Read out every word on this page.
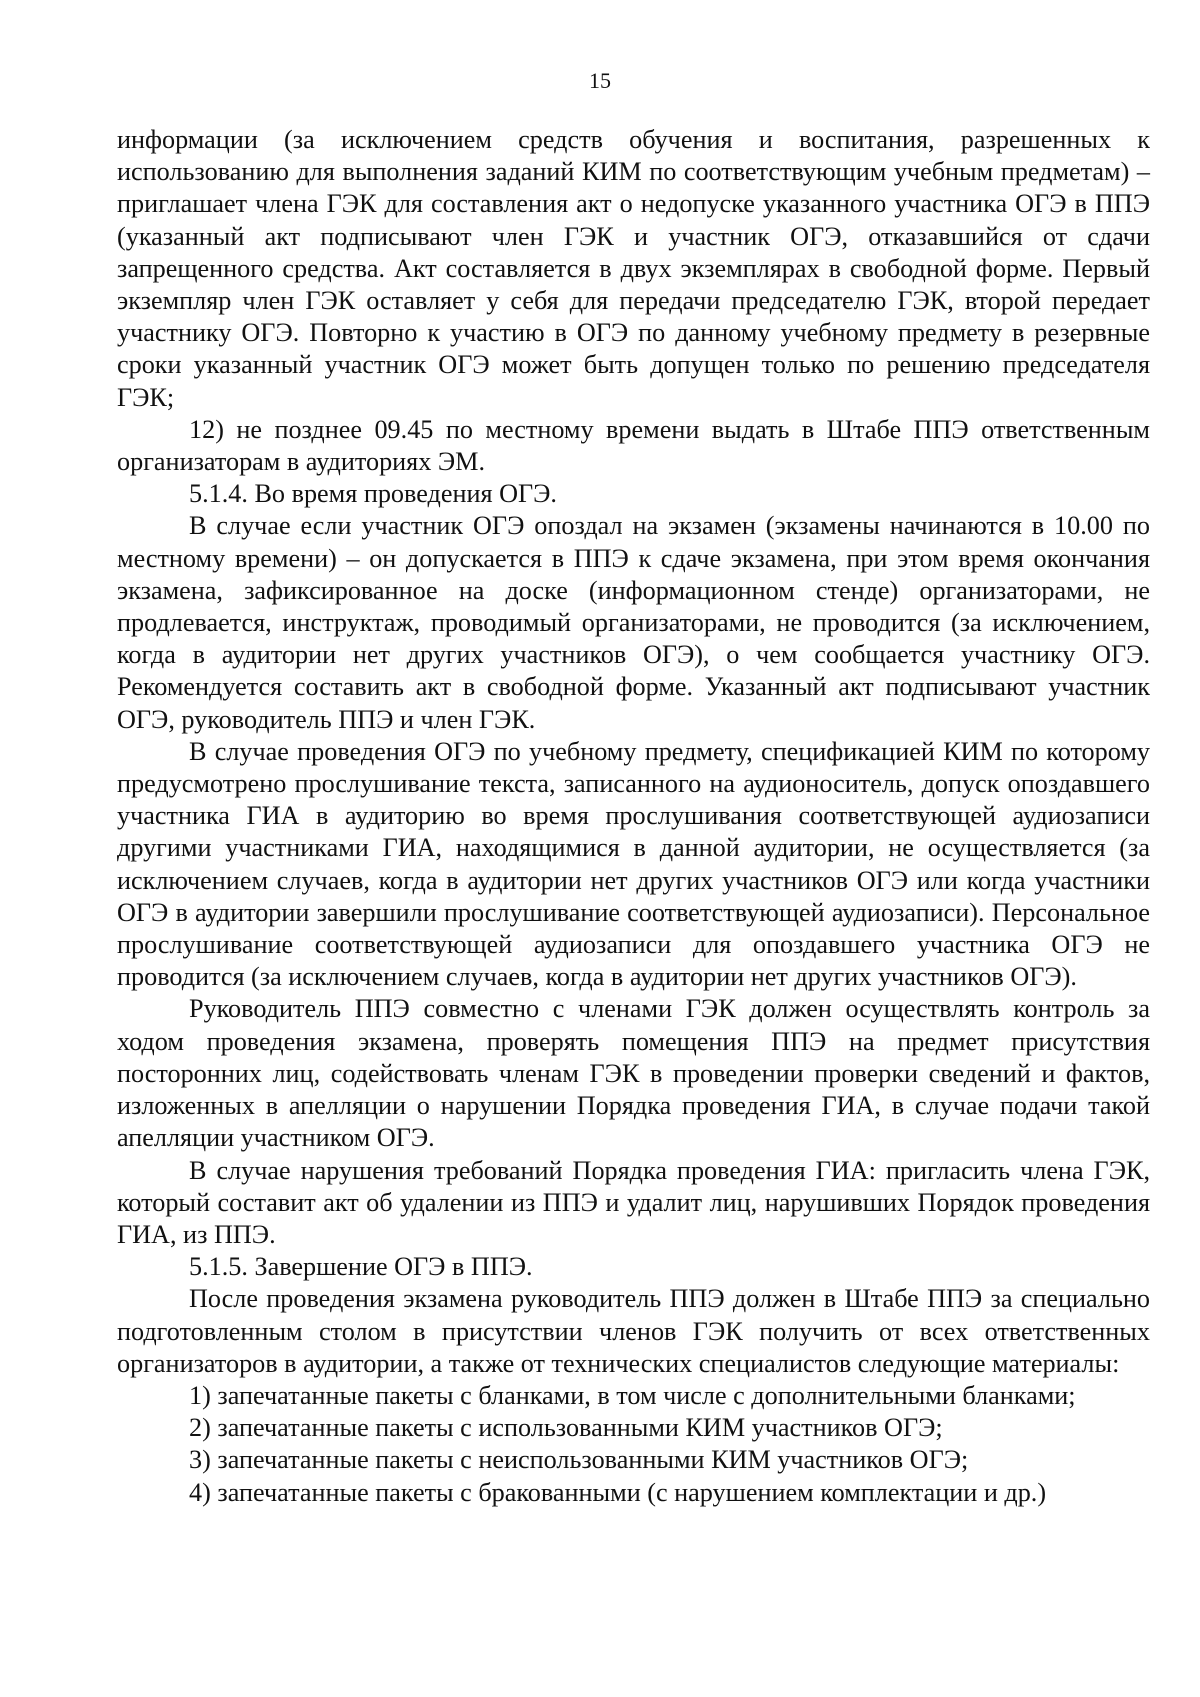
15

информации (за исключением средств обучения и воспитания, разрешенных к использованию для выполнения заданий КИМ по соответствующим учебным предметам) – приглашает члена ГЭК для составления акт о недопуске указанного участника ОГЭ в ППЭ (указанный акт подписывают член ГЭК и участник ОГЭ, отказавшийся от сдачи запрещенного средства. Акт составляется в двух экземплярах в свободной форме. Первый экземпляр член ГЭК оставляет у себя для передачи председателю ГЭК, второй передает участнику ОГЭ. Повторно к участию в ОГЭ по данному учебному предмету в резервные сроки указанный участник ОГЭ может быть допущен только по решению председателя ГЭК;

12) не позднее 09.45 по местному времени выдать в Штабе ППЭ ответственным организаторам в аудиториях ЭМ.

5.1.4. Во время проведения ОГЭ.

В случае если участник ОГЭ опоздал на экзамен (экзамены начинаются в 10.00 по местному времени) – он допускается в ППЭ к сдаче экзамена, при этом время окончания экзамена, зафиксированное на доске (информационном стенде) организаторами, не продлевается, инструктаж, проводимый организаторами, не проводится (за исключением, когда в аудитории нет других участников ОГЭ), о чем сообщается участнику ОГЭ. Рекомендуется составить акт в свободной форме. Указанный акт подписывают участник ОГЭ, руководитель ППЭ и член ГЭК.

В случае проведения ОГЭ по учебному предмету, спецификацией КИМ по которому предусмотрено прослушивание текста, записанного на аудионоситель, допуск опоздавшего участника ГИА в аудиторию во время прослушивания соответствующей аудиозаписи другими участниками ГИА, находящимися в данной аудитории, не осуществляется (за исключением случаев, когда в аудитории нет других участников ОГЭ или когда участники ОГЭ в аудитории завершили прослушивание соответствующей аудиозаписи). Персональное прослушивание соответствующей аудиозаписи для опоздавшего участника ОГЭ не проводится (за исключением случаев, когда в аудитории нет других участников ОГЭ).

Руководитель ППЭ совместно с членами ГЭК должен осуществлять контроль за ходом проведения экзамена, проверять помещения ППЭ на предмет присутствия посторонних лиц, содействовать членам ГЭК в проведении проверки сведений и фактов, изложенных в апелляции о нарушении Порядка проведения ГИА, в случае подачи такой апелляции участником ОГЭ.

В случае нарушения требований Порядка проведения ГИА: пригласить члена ГЭК, который составит акт об удалении из ППЭ и удалит лиц, нарушивших Порядок проведения ГИА, из ППЭ.

5.1.5. Завершение ОГЭ в ППЭ.

После проведения экзамена руководитель ППЭ должен в Штабе ППЭ за специально подготовленным столом в присутствии членов ГЭК получить от всех ответственных организаторов в аудитории, а также от технических специалистов следующие материалы:

1) запечатанные пакеты с бланками, в том числе с дополнительными бланками;

2) запечатанные пакеты с использованными КИМ участников ОГЭ;

3) запечатанные пакеты с неиспользованными КИМ участников ОГЭ;

4) запечатанные пакеты с бракованными (с нарушением комплектации и др.)
